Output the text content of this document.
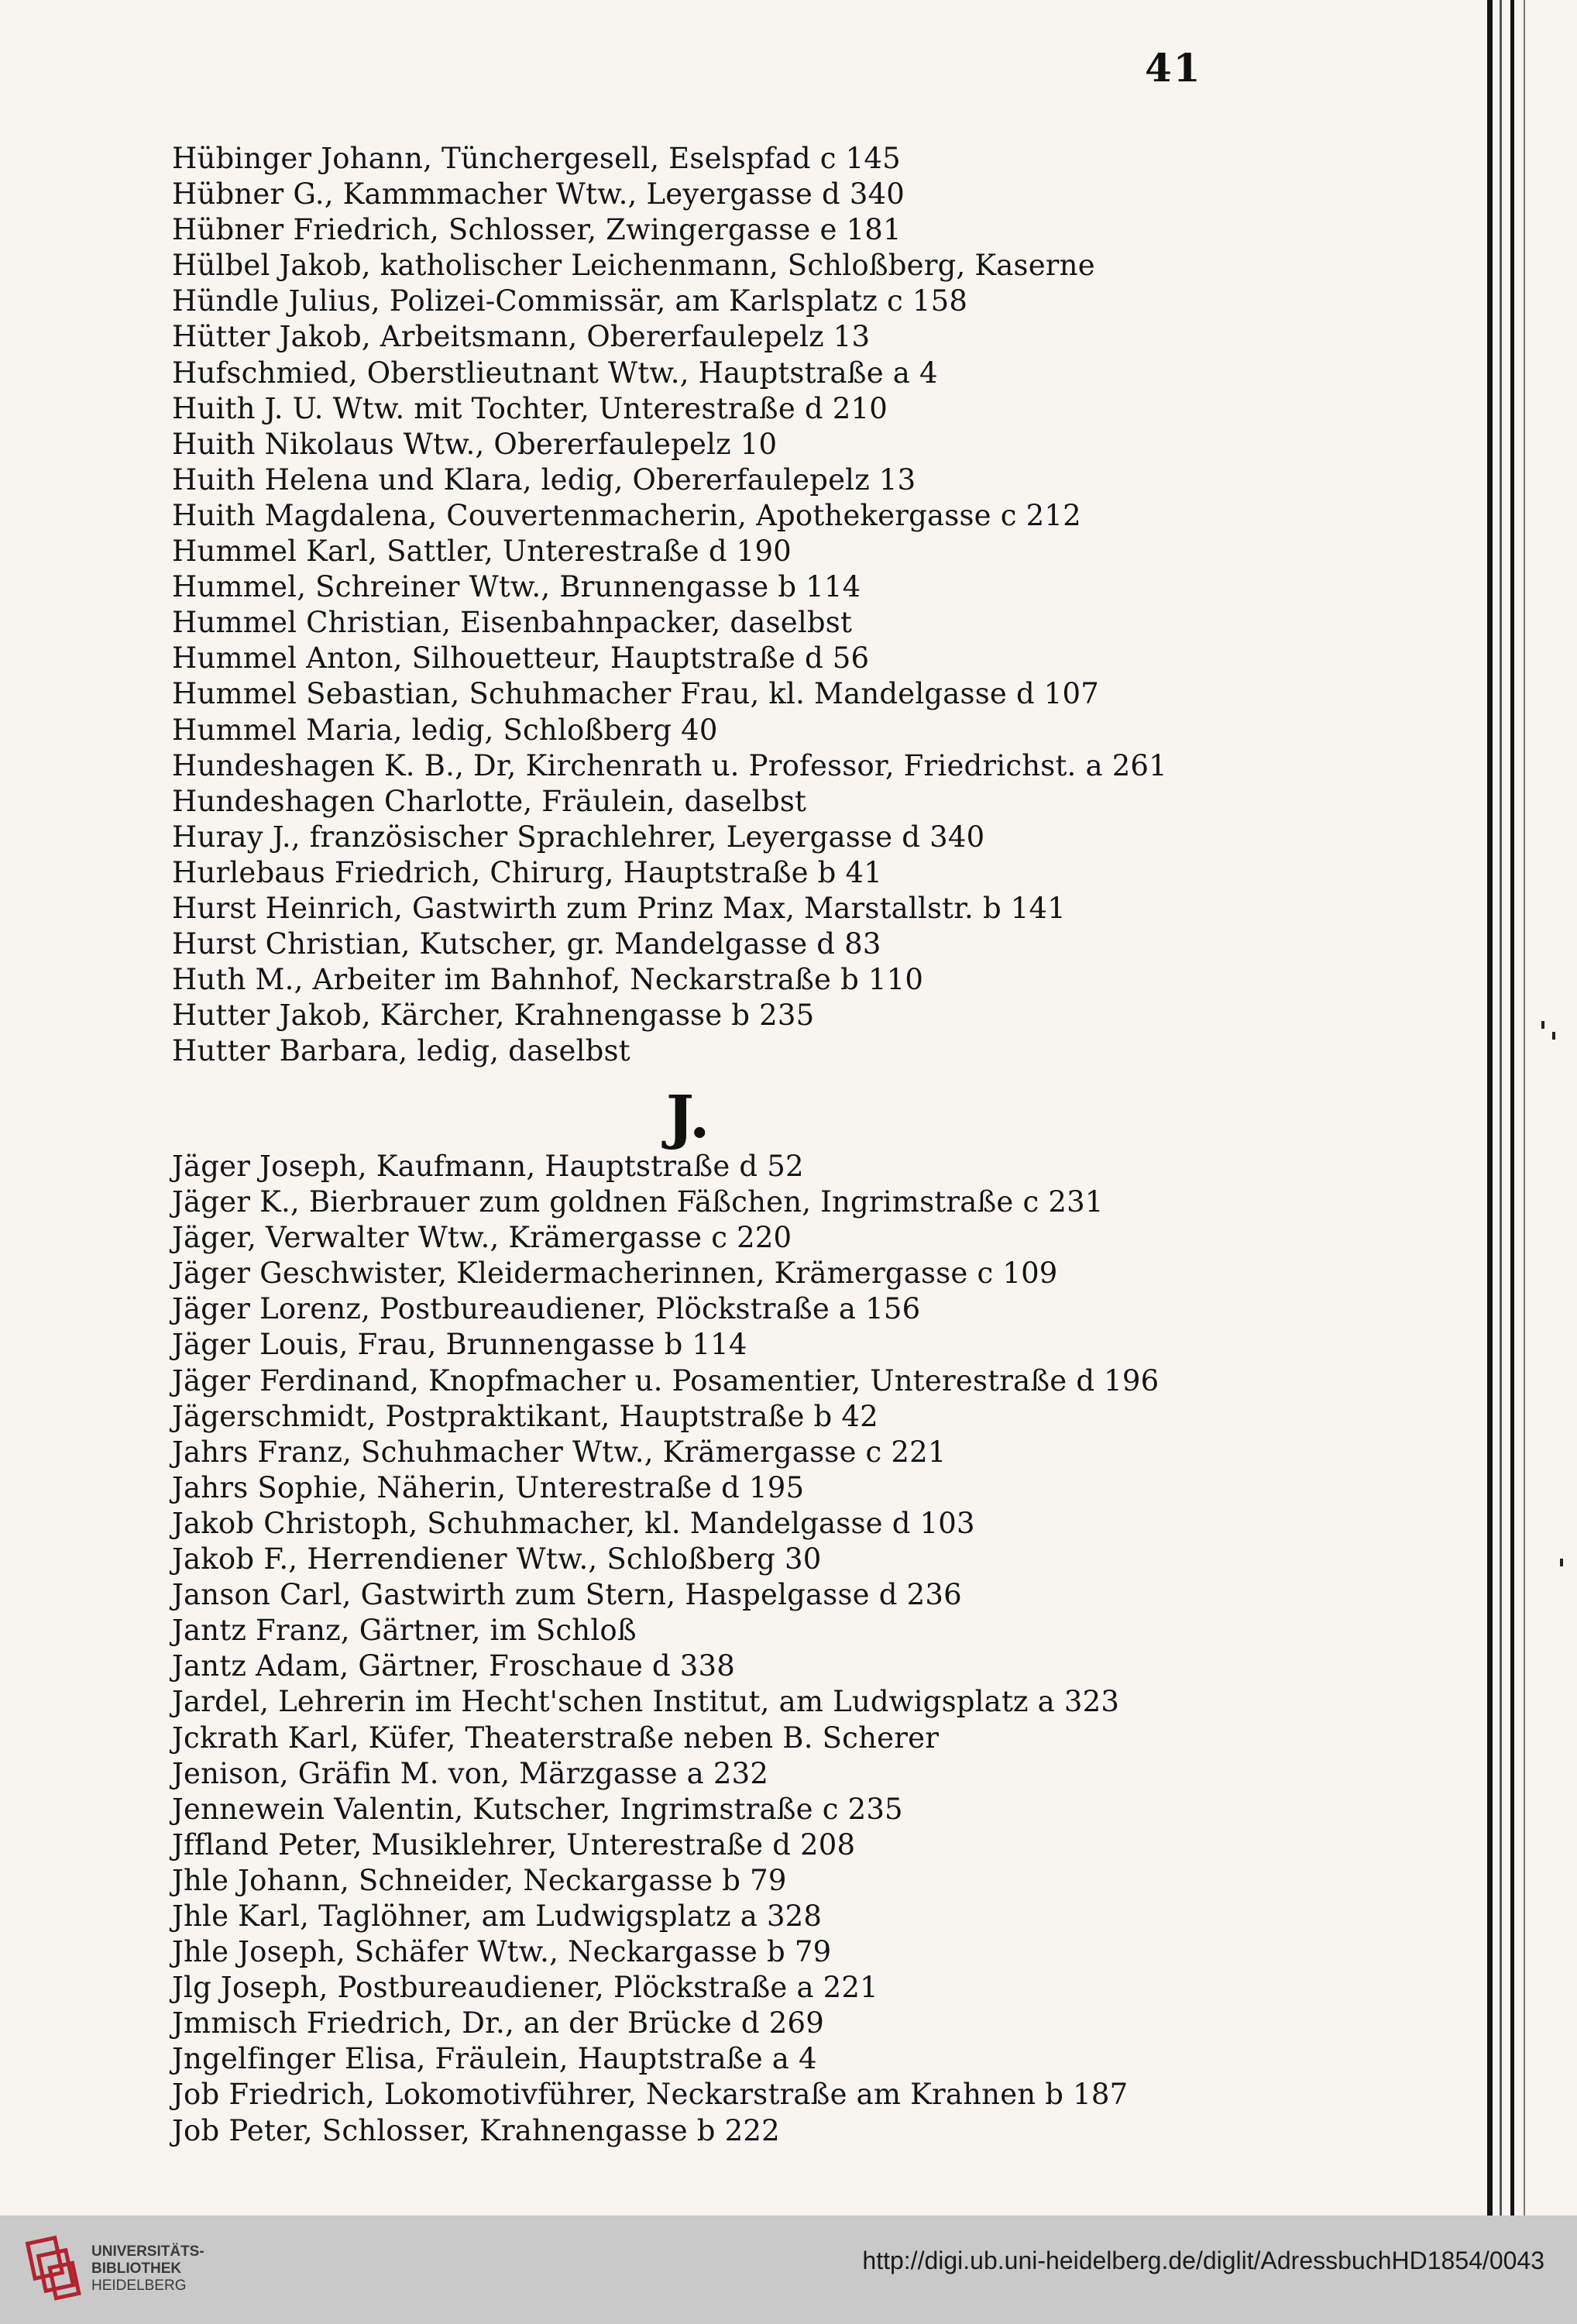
41
Hübinger Johann, Tünchergesell, Eselspfad c 145
Hübner G., Kammmacher Wtw., Leyergasse d 340
Hübner Friedrich, Schlosser, Zwingergasse e 181
Hülbel Jakob, katholischer Leichenmann, Schloßberg, Kaserne
Hündle Julius, Polizei-Commissär, am Karlsplatz c 158
Hütter Jakob, Arbeitsmann, Obererfaulepelz 13
Hufschmied, Oberstlieutnant Wtw., Hauptstraße a 4
Huith J. U. Wtw. mit Tochter, Unterestraße d 210
Huith Nikolaus Wtw., Obererfaulepelz 10
Huith Helena und Klara, ledig, Obererfaulepelz 13
Huith Magdalena, Couvertenmacherin, Apothekergasse c 212
Hummel Karl, Sattler, Unterestraße d 190
Hummel, Schreiner Wtw., Brunnengasse b 114
Hummel Christian, Eisenbahnpacker, daselbst
Hummel Anton, Silhouetteur, Hauptstraße d 56
Hummel Sebastian, Schuhmacher Frau, kl. Mandelgasse d 107
Hummel Maria, ledig, Schloßberg 40
Hundeshagen K. B., Dr, Kirchenrath u. Professor, Friedrichst. a 261
Hundeshagen Charlotte, Fräulein, daselbst
Huray J., französischer Sprachlehrer, Leyergasse d 340
Hurlebaus Friedrich, Chirurg, Hauptstraße b 41
Hurst Heinrich, Gastwirth zum Prinz Max, Marstallstr. b 141
Hurst Christian, Kutscher, gr. Mandelgasse d 83
Huth M., Arbeiter im Bahnhof, Neckarstraße b 110
Hutter Jakob, Kärcher, Krahnengasse b 235
Hutter Barbara, ledig, daselbst
J.
Jäger Joseph, Kaufmann, Hauptstraße d 52
Jäger K., Bierbrauer zum goldnen Fäßchen, Ingrimstraße c 231
Jäger, Verwalter Wtw., Krämergasse c 220
Jäger Geschwister, Kleidermacherinnen, Krämergasse c 109
Jäger Lorenz, Postbureaudiener, Plöckstraße a 156
Jäger Louis, Frau, Brunnengasse b 114
Jäger Ferdinand, Knopfmacher u. Posamentier, Unterestraße d 196
Jägerschmidt, Postpraktikant, Hauptstraße b 42
Jahrs Franz, Schuhmacher Wtw., Krämergasse c 221
Jahrs Sophie, Näherin, Unterestraße d 195
Jakob Christoph, Schuhmacher, kl. Mandelgasse d 103
Jakob F., Herrendiener Wtw., Schloßberg 30
Janson Carl, Gastwirth zum Stern, Haspelgasse d 236
Jantz Franz, Gärtner, im Schloß
Jantz Adam, Gärtner, Froschaue d 338
Jardel, Lehrerin im Hecht'schen Institut, am Ludwigsplatz a 323
Jckrath Karl, Küfer, Theaterstraße neben B. Scherer
Jenison, Gräfin M. von, Märzgasse a 232
Jennewein Valentin, Kutscher, Ingrimstraße c 235
Jffland Peter, Musiklehrer, Unterestraße d 208
Jhle Johann, Schneider, Neckargasse b 79
Jhle Karl, Taglöhner, am Ludwigsplatz a 328
Jhle Joseph, Schäfer Wtw., Neckargasse b 79
Jlg Joseph, Postbureaudiener, Plöckstraße a 221
Jmmisch Friedrich, Dr., an der Brücke d 269
Jngelfinger Elisa, Fräulein, Hauptstraße a 4
Job Friedrich, Lokomotivführer, Neckarstraße am Krahnen b 187
Job Peter, Schlosser, Krahnengasse b 222
UNIVERSITÄTS-
BIBLIOTHEK
HEIDELBERG
http://digi.ub.uni-heidelberg.de/diglit/AdressbuchHD1854/0043
